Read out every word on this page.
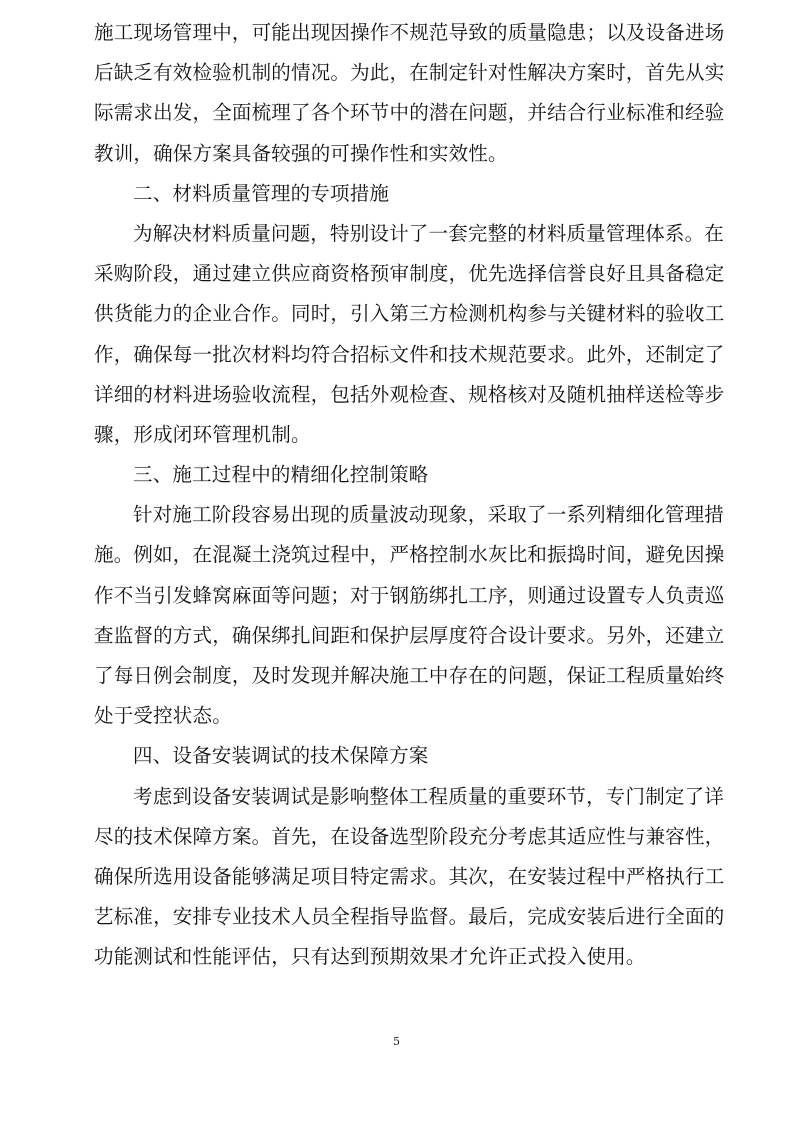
施工现场管理中，可能出现因操作不规范导致的质量隐患；以及设备进场
后缺乏有效检验机制的情况。为此，在制定针对性解决方案时，首先从实
际需求出发，全面梳理了各个环节中的潜在问题，并结合行业标准和经验
教训，确保方案具备较强的可操作性和实效性。
二、材料质量管理的专项措施
为解决材料质量问题，特别设计了一套完整的材料质量管理体系。在
采购阶段，通过建立供应商资格预审制度，优先选择信誉良好且具备稳定
供货能力的企业合作。同时，引入第三方检测机构参与关键材料的验收工
作，确保每一批次材料均符合招标文件和技术规范要求。此外，还制定了
详细的材料进场验收流程，包括外观检查、规格核对及随机抽样送检等步
骤，形成闭环管理机制。
三、施工过程中的精细化控制策略
针对施工阶段容易出现的质量波动现象，采取了一系列精细化管理措
施。例如，在混凝土浇筑过程中，严格控制水灰比和振捣时间，避免因操
作不当引发蜂窝麻面等问题；对于钢筋绑扎工序，则通过设置专人负责巡
查监督的方式，确保绑扎间距和保护层厚度符合设计要求。另外，还建立
了每日例会制度，及时发现并解决施工中存在的问题，保证工程质量始终
处于受控状态。
四、设备安装调试的技术保障方案
考虑到设备安装调试是影响整体工程质量的重要环节，专门制定了详
尽的技术保障方案。首先，在设备选型阶段充分考虑其适应性与兼容性，
确保所选用设备能够满足项目特定需求。其次，在安装过程中严格执行工
艺标准，安排专业技术人员全程指导监督。最后，完成安装后进行全面的
功能测试和性能评估，只有达到预期效果才允许正式投入使用。
5
